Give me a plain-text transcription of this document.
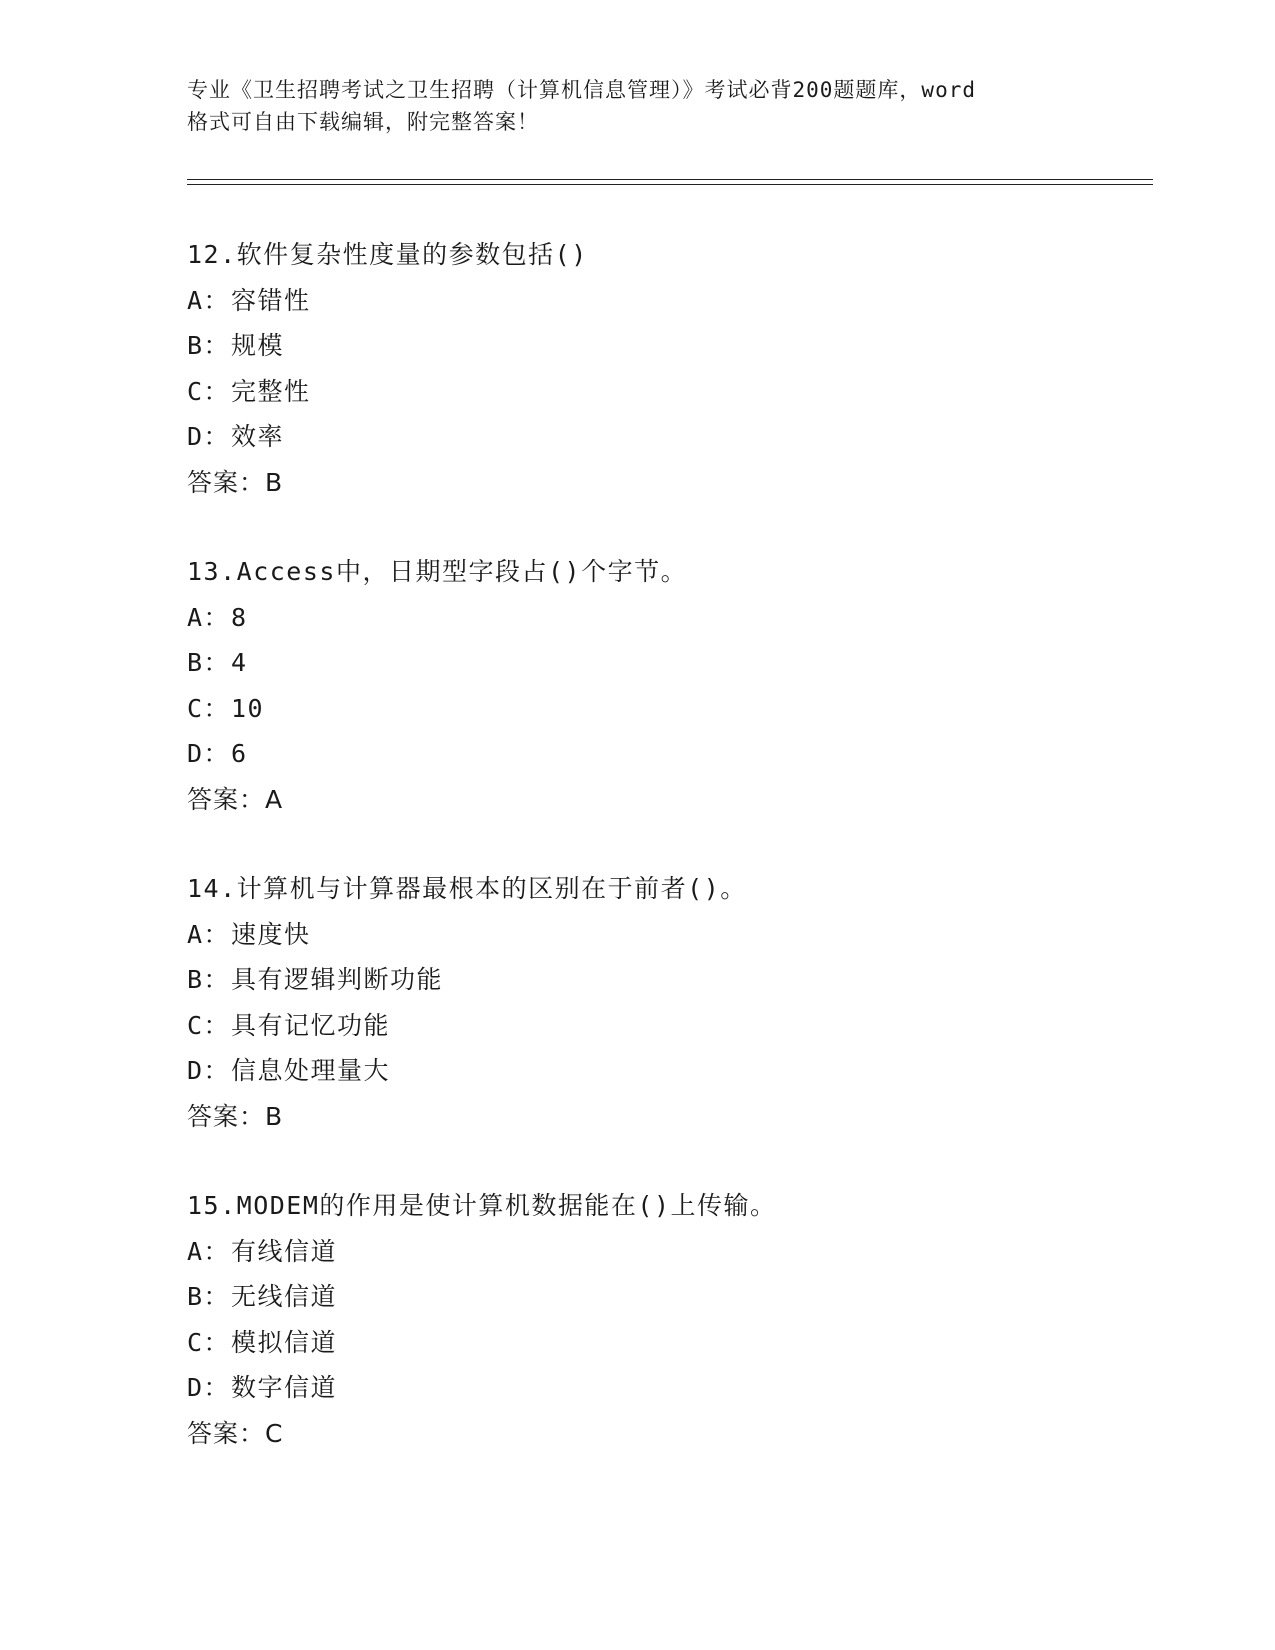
专业《卫生招聘考试之卫生招聘（计算机信息管理）》考试必背200题题库，word
格式可自由下载编辑，附完整答案！
12.软件复杂性度量的参数包括()
A：容错性
B：规模
C：完整性
D：效率
答案：B
13.Access中，日期型字段占()个字节。
A：8
B：4
C：10
D：6
答案：A
14.计算机与计算器最根本的区别在于前者()。
A：速度快
B：具有逻辑判断功能
C：具有记忆功能
D：信息处理量大
答案：B
15.MODEM的作用是使计算机数据能在()上传输。
A：有线信道
B：无线信道
C：模拟信道
D：数字信道
答案：C
